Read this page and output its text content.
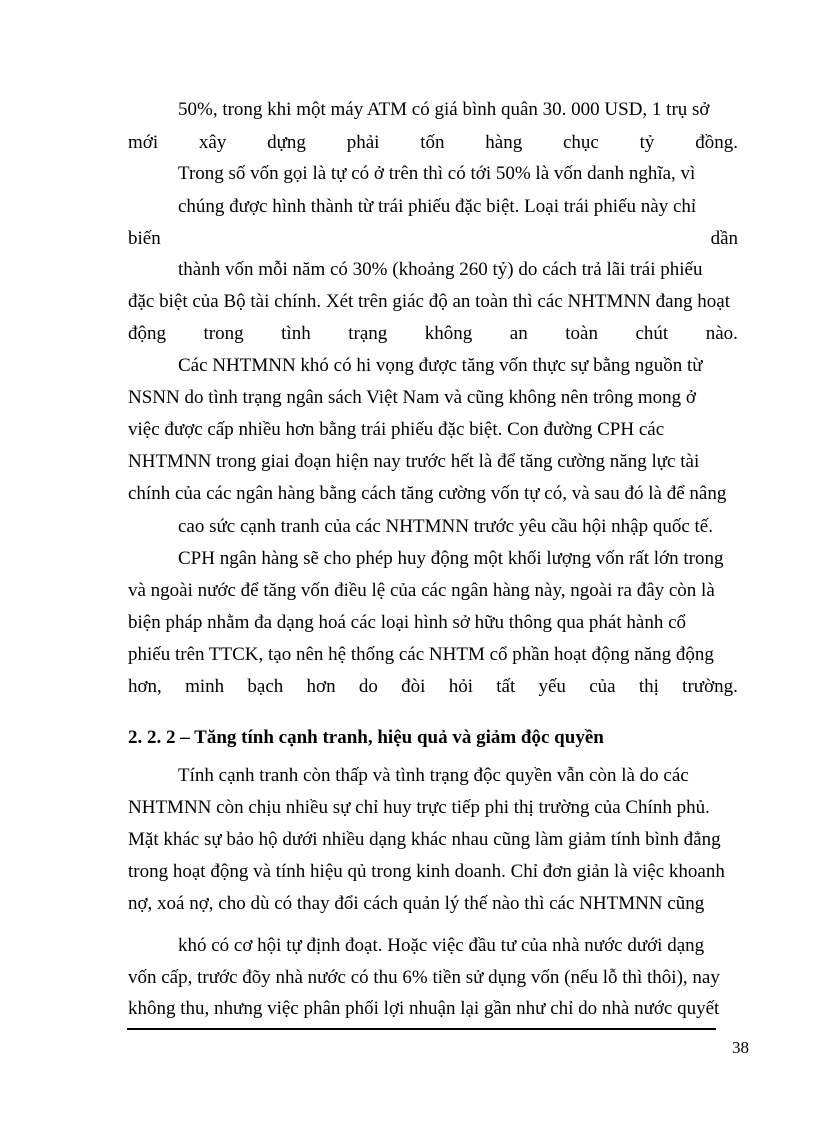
50%, trong khi một máy ATM có giá bình quân 30. 000 USD, 1 trụ sở
mới xây dựng phải tốn hàng chục tỷ đồng.
Trong số vốn gọi là tự có ở trên thì có tới 50% là vốn danh nghĩa, vì
chúng được hình thành từ trái phiếu đặc biệt. Loại trái phiếu này chỉ
biến	dần
thành vốn mỗi năm có 30% (khoảng 260 tỷ) do cách trả lãi trái phiếu
đặc biệt của Bộ tài chính. Xét trên giác độ an toàn thì các NHTMNN đang hoạt
động trong tình trạng không an toàn chút nào.
Các NHTMNN khó có hi vọng được tăng vốn thực sự bằng nguồn từ
NSNN do tình trạng ngân sách Việt Nam và cũng không nên trông mong ở
việc được cấp nhiều hơn bằng trái phiếu đặc biệt. Con đường CPH các
NHTMNN trong giai đoạn hiện nay trước hết là để tăng cường năng lực tài
chính của các ngân hàng bằng cách tăng cường vốn tự có, và sau đó là để nâng
cao sức cạnh tranh của các NHTMNN trước yêu cầu hội nhập quốc tế.
CPH ngân hàng sẽ cho phép huy động một khối lượng vốn rất lớn trong
và ngoài nước để tăng vốn điều lệ của các ngân hàng này, ngoài ra đây còn là
biện pháp nhằm đa dạng hoá các loại hình sở hữu thông qua phát hành cổ
phiếu trên TTCK, tạo nên hệ thống các NHTM cổ phần hoạt động năng động
hơn, minh bạch hơn do đòi hỏi tất yếu của thị trường.
2. 2. 2 – Tăng tính cạnh tranh, hiệu quả và giảm độc quyền
Tính cạnh tranh còn thấp và tình trạng độc quyền vẫn còn là do các
NHTMNN còn chịu nhiều sự chỉ huy trực tiếp phi thị trường của Chính phủ.
Mặt khác sự bảo hộ dưới nhiều dạng khác nhau cũng làm giảm tính bình đẳng
trong hoạt động và tính hiệu qủ trong kinh doanh. Chỉ đơn giản là việc khoanh
nợ, xoá nợ, cho dù có thay đổi cách quản lý thế nào thì các NHTMNN cũng
khó có cơ hội tự định đoạt. Hoặc việc đầu tư của nhà nước dưới dạng
vốn cấp, trước đõy nhà nước có thu 6% tiền sử dụng vốn (nếu lỗ thì thôi), nay
không thu, nhưng việc phân phối lợi nhuận lại gần như chỉ do nhà nước quyết
38
